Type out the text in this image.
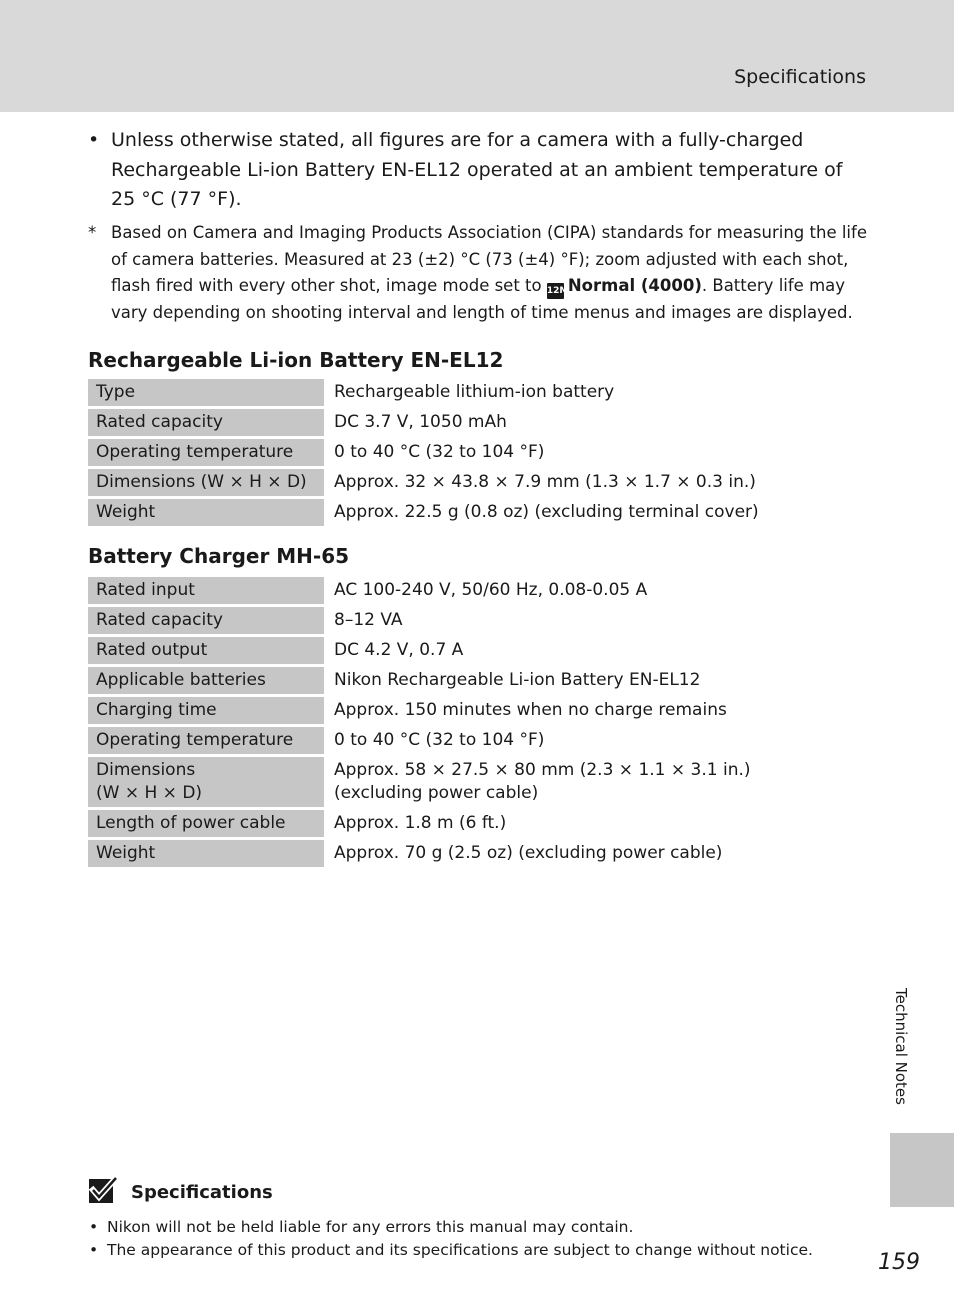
Specifications
• Unless otherwise stated, all figures are for a camera with a fully-charged Rechargeable Li-ion Battery EN-EL12 operated at an ambient temperature of 25 °C (77 °F).
* Based on Camera and Imaging Products Association (CIPA) standards for measuring the life of camera batteries. Measured at 23 (±2) °C (73 (±4) °F); zoom adjusted with each shot, flash fired with every other shot, image mode set to 12MNormal (4000). Battery life may vary depending on shooting interval and length of time menus and images are displayed.
Rechargeable Li-ion Battery EN-EL12
Type	Rechargeable lithium-ion battery
Rated capacity	DC 3.7 V, 1050 mAh
Operating temperature	0 to 40 °C (32 to 104 °F)
Dimensions (W × H × D)	Approx. 32 × 43.8 × 7.9 mm (1.3 × 1.7 × 0.3 in.)
Weight	Approx. 22.5 g (0.8 oz) (excluding terminal cover)
Battery Charger MH-65
Rated input	AC 100-240 V, 50/60 Hz, 0.08-0.05 A
Rated capacity	8–12 VA
Rated output	DC 4.2 V, 0.7 A
Applicable batteries	Nikon Rechargeable Li-ion Battery EN-EL12
Charging time	Approx. 150 minutes when no charge remains
Operating temperature	0 to 40 °C (32 to 104 °F)
Dimensions
(W × H × D)	Approx. 58 × 27.5 × 80 mm (2.3 × 1.1 × 3.1 in.)
(excluding power cable)
Length of power cable	Approx. 1.8 m (6 ft.)
Weight	Approx. 70 g (2.5 oz) (excluding power cable)
Technical Notes
Specifications
• Nikon will not be held liable for any errors this manual may contain.
• The appearance of this product and its specifications are subject to change without notice.	159
